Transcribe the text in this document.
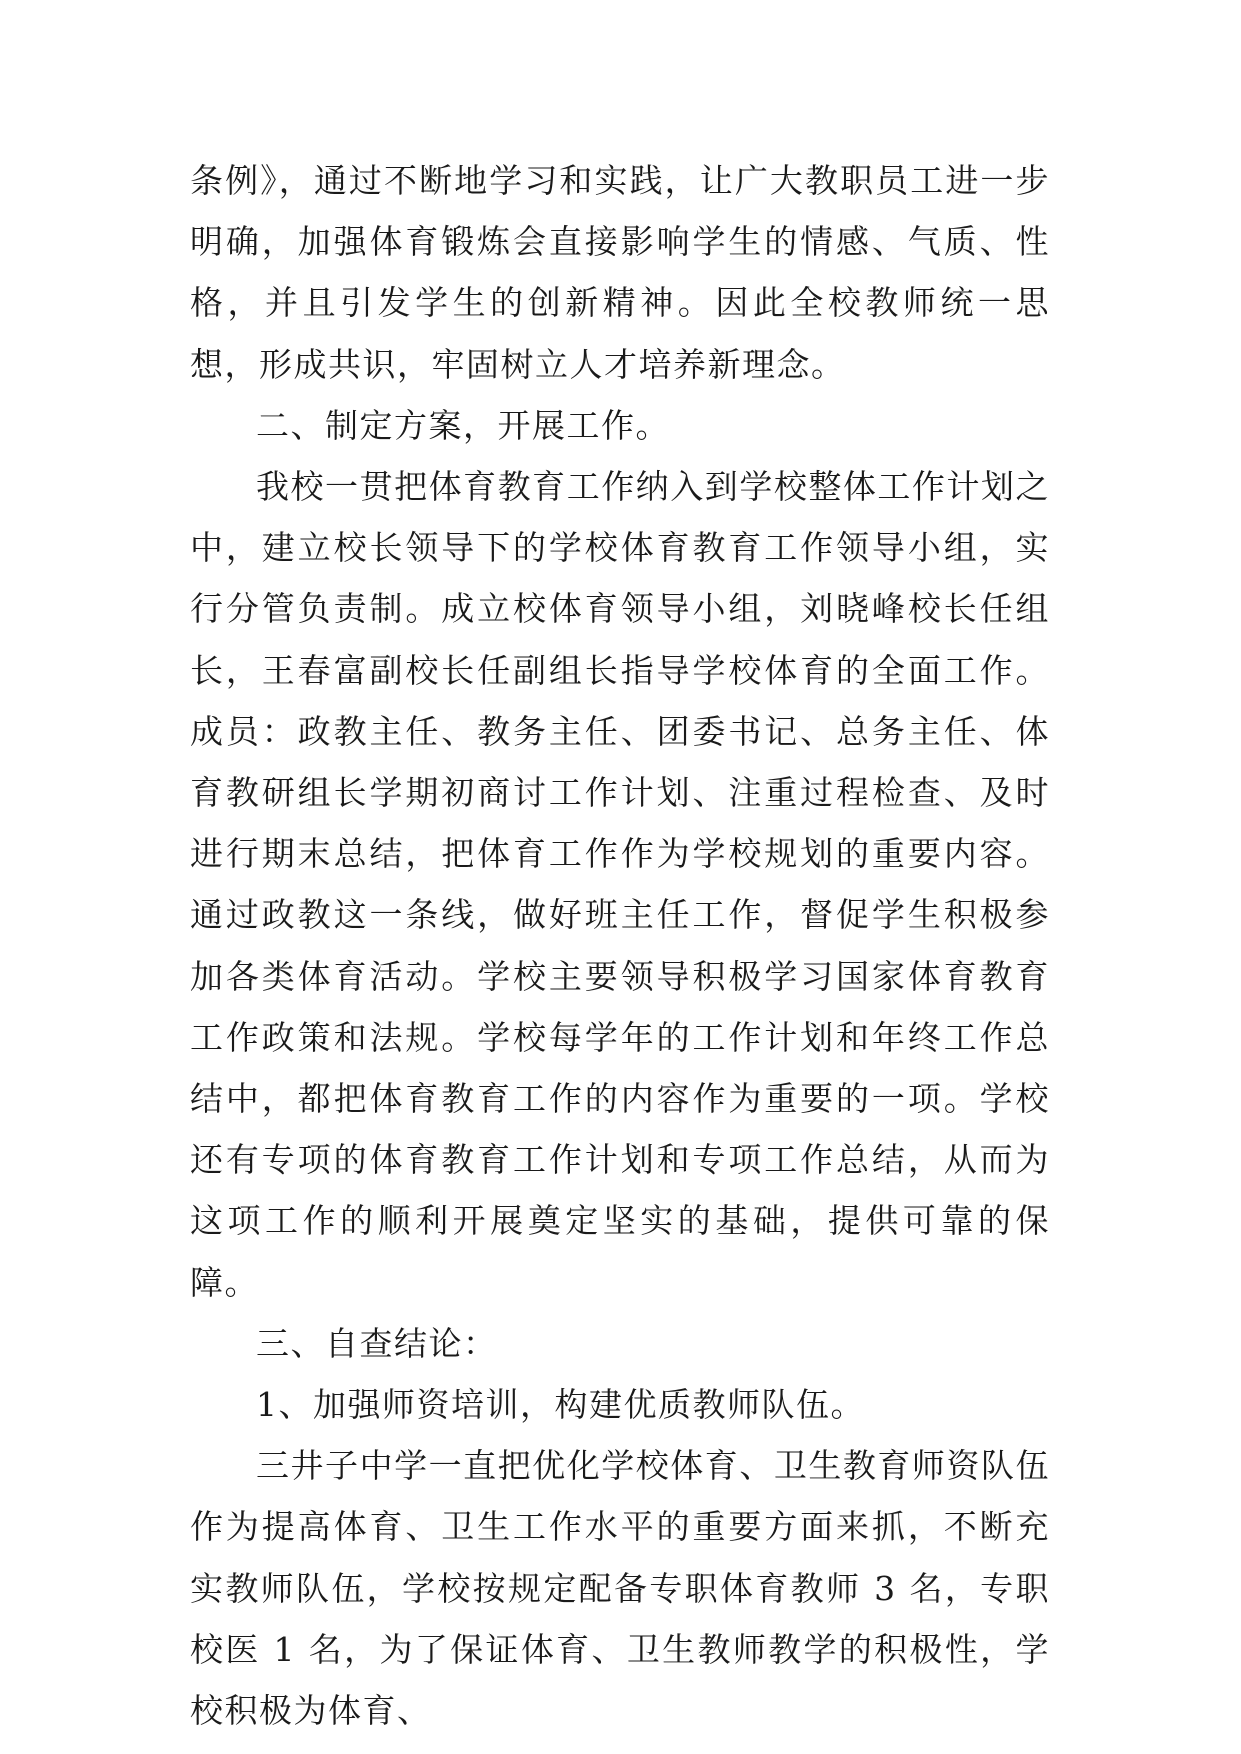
条例》，通过不断地学习和实践，让广大教职员工进一步明确，加强体育锻炼会直接影响学生的情感、气质、性格，并且引发学生的创新精神。因此全校教师统一思想，形成共识，牢固树立人才培养新理念。

二、制定方案，开展工作。

我校一贯把体育教育工作纳入到学校整体工作计划之中，建立校长领导下的学校体育教育工作领导小组，实行分管负责制。成立校体育领导小组，刘晓峰校长任组长，王春富副校长任副组长指导学校体育的全面工作。成员：政教主任、教务主任、团委书记、总务主任、体育教研组长学期初商讨工作计划、注重过程检查、及时进行期末总结，把体育工作作为学校规划的重要内容。通过政教这一条线，做好班主任工作，督促学生积极参加各类体育活动。学校主要领导积极学习国家体育教育工作政策和法规。学校每学年的工作计划和年终工作总结中，都把体育教育工作的内容作为重要的一项。学校还有专项的体育教育工作计划和专项工作总结，从而为这项工作的顺利开展奠定坚实的基础，提供可靠的保障。

三、自查结论：

1、加强师资培训，构建优质教师队伍。

三井子中学一直把优化学校体育、卫生教育师资队伍作为提高体育、卫生工作水平的重要方面来抓，不断充实教师队伍，学校按规定配备专职体育教师 3 名，专职校医 1 名，为了保证体育、卫生教师教学的积极性，学校积极为体育、
